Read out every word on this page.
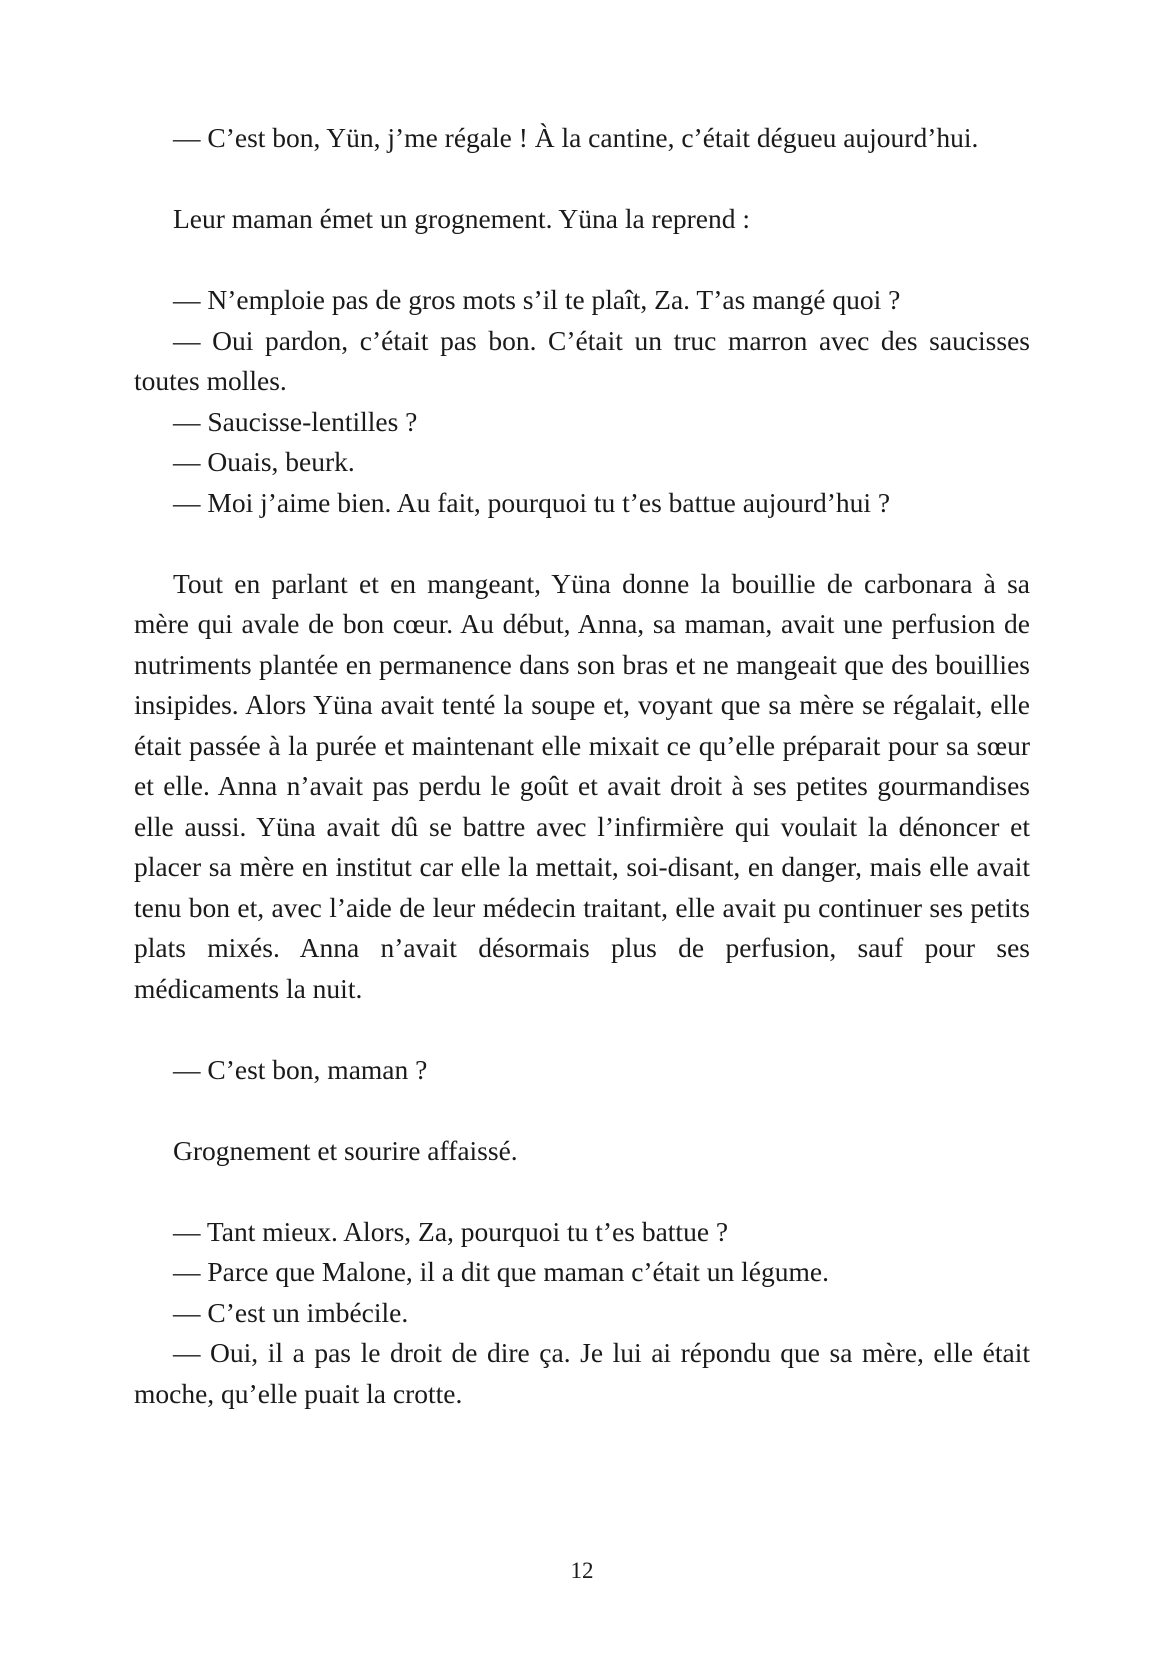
— C’est bon, Yün, j’me régale ! À la cantine, c’était dégueu aujourd’hui.

Leur maman émet un grognement. Yüna la reprend :

— N’emploie pas de gros mots s’il te plaît, Za. T’as mangé quoi ?

— Oui pardon, c’était pas bon. C’était un truc marron avec des saucisses toutes molles.

— Saucisse-lentilles ?

— Ouais, beurk.

— Moi j’aime bien. Au fait, pourquoi tu t’es battue aujourd’hui ?

Tout en parlant et en mangeant, Yüna donne la bouillie de carbonara à sa mère qui avale de bon cœur. Au début, Anna, sa maman, avait une perfusion de nutriments plantée en permanence dans son bras et ne mangeait que des bouillies insipides. Alors Yüna avait tenté la soupe et, voyant que sa mère se régalait, elle était passée à la purée et maintenant elle mixait ce qu’elle préparait pour sa sœur et elle. Anna n’avait pas perdu le goût et avait droit à ses petites gourmandises elle aussi. Yüna avait dû se battre avec l’infirmière qui voulait la dénoncer et placer sa mère en institut car elle la mettait, soi-disant, en danger, mais elle avait tenu bon et, avec l’aide de leur médecin traitant, elle avait pu continuer ses petits plats mixés. Anna n’avait désormais plus de perfusion, sauf pour ses médicaments la nuit.

— C’est bon, maman ?

Grognement et sourire affaissé.

— Tant mieux. Alors, Za, pourquoi tu t’es battue ?

— Parce que Malone, il a dit que maman c’était un légume.

— C’est un imbécile.

— Oui, il a pas le droit de dire ça. Je lui ai répondu que sa mère, elle était moche, qu’elle puait la crotte.

12
